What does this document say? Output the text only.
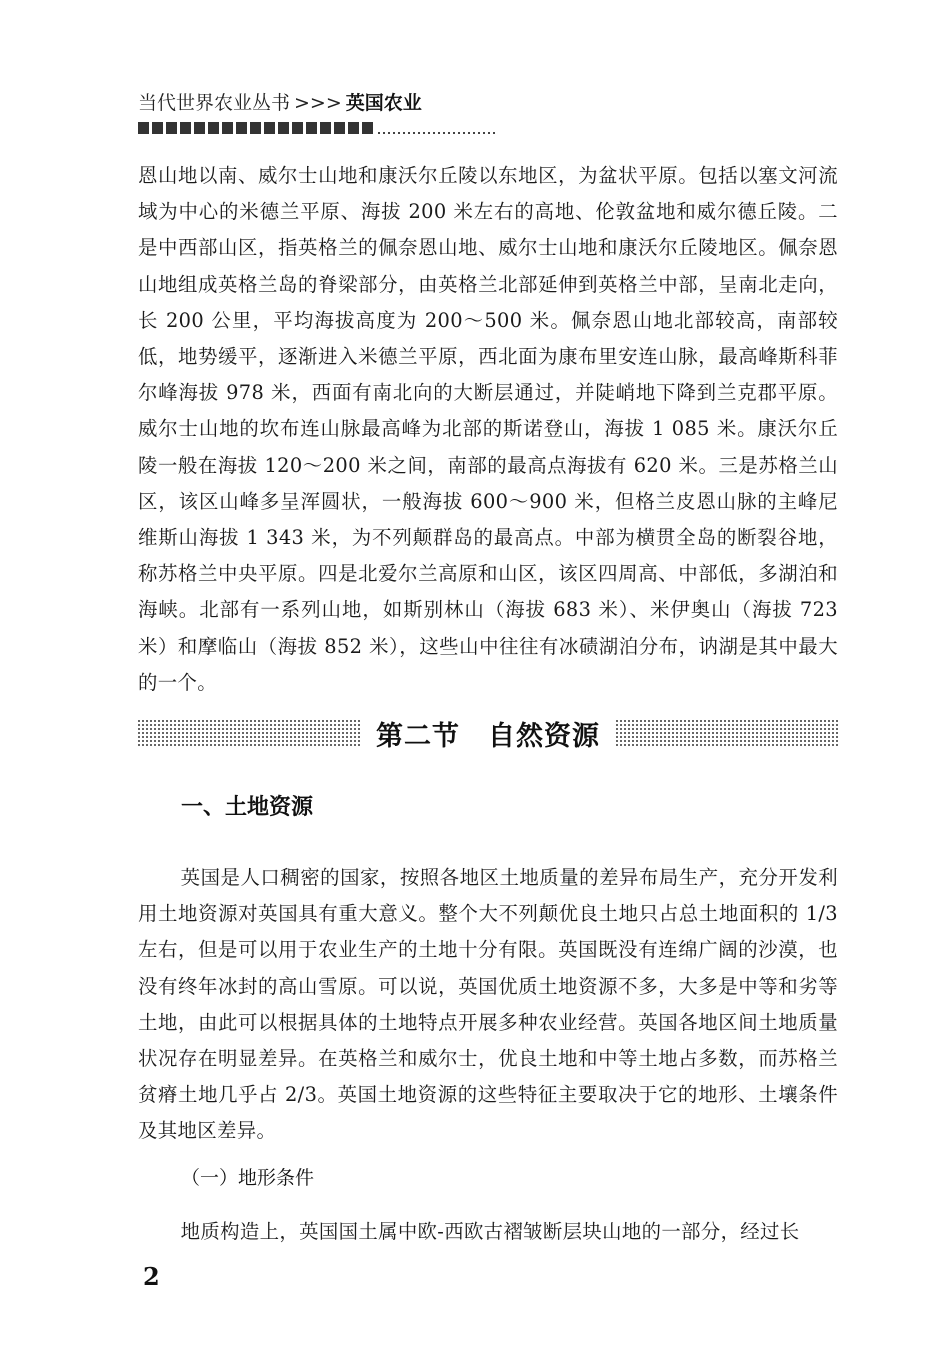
当代世界农业丛书 >>> 英国农业

恩山地以南、威尔士山地和康沃尔丘陵以东地区，为盆状平原。包括以塞文河流域为中心的米德兰平原、海拔 200 米左右的高地、伦敦盆地和威尔德丘陵。二是中西部山区，指英格兰的佩奈恩山地、威尔士山地和康沃尔丘陵地区。佩奈恩山地组成英格兰岛的脊梁部分，由英格兰北部延伸到英格兰中部，呈南北走向，长 200 公里，平均海拔高度为 200～500 米。佩奈恩山地北部较高，南部较低，地势缓平，逐渐进入米德兰平原，西北面为康布里安连山脉，最高峰斯科菲尔峰海拔 978 米，西面有南北向的大断层通过，并陡峭地下降到兰克郡平原。威尔士山地的坎布连山脉最高峰为北部的斯诺登山，海拔 1 085 米。康沃尔丘陵一般在海拔 120～200 米之间，南部的最高点海拔有 620 米。三是苏格兰山区，该区山峰多呈浑圆状，一般海拔 600～900 米，但格兰皮恩山脉的主峰尼维斯山海拔 1 343 米，为不列颠群岛的最高点。中部为横贯全岛的断裂谷地，称苏格兰中央平原。四是北爱尔兰高原和山区，该区四周高、中部低，多湖泊和海峡。北部有一系列山地，如斯别林山（海拔 683 米）、米伊奥山（海拔 723 米）和摩临山（海拔 852 米），这些山中往往有冰碛湖泊分布，讷湖是其中最大的一个。

第二节 自然资源
一、土地资源

英国是人口稠密的国家，按照各地区土地质量的差异布局生产，充分开发利用土地资源对英国具有重大意义。整个大不列颠优良土地只占总土地面积的 1/3 左右，但是可以用于农业生产的土地十分有限。英国既没有连绵广阔的沙漠，也没有终年冰封的高山雪原。可以说，英国优质土地资源不多，大多是中等和劣等土地，由此可以根据具体的土地特点开展多种农业经营。英国各地区间土地质量状况存在明显差异。在英格兰和威尔士，优良土地和中等土地占多数，而苏格兰贫瘠土地几乎占 2/3。英国土地资源的这些特征主要取决于它的地形、土壤条件及其地区差异。

（一）地形条件

地质构造上，英国国土属中欧-西欧古褶皱断层块山地的一部分，经过长

2
